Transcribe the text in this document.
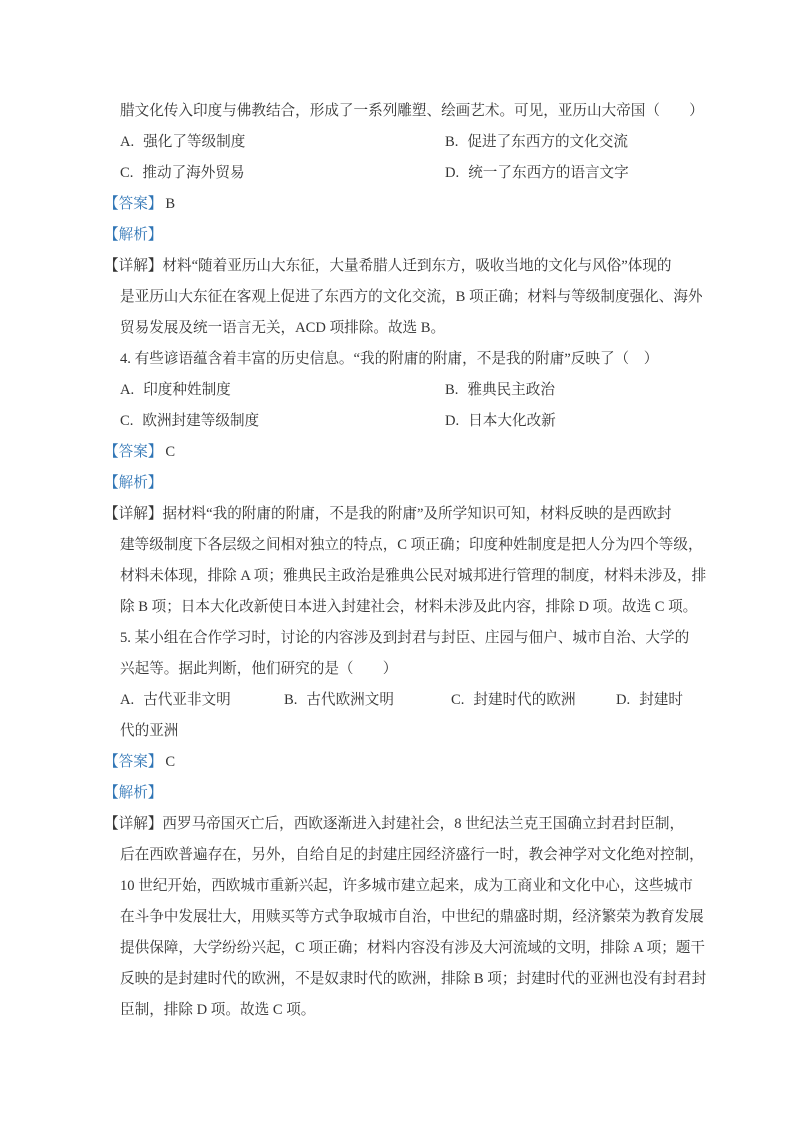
腊文化传入印度与佛教结合，形成了一系列雕塑、绘画艺术。可见，亚历山大帝国（　　）
A. 强化了等级制度	B. 促进了东西方的文化交流
C. 推动了海外贸易	D. 统一了东西方的语言文字
【答案】 B
【解析】
【详解】材料“随着亚历山大东征，大量希腊人迁到东方，吸收当地的文化与风俗”体现的
是亚历山大东征在客观上促进了东西方的文化交流，B 项正确；材料与等级制度强化、海外
贸易发展及统一语言无关，ACD 项排除。故选 B。
4. 有些谚语蕴含着丰富的历史信息。“我的附庸的附庸，不是我的附庸”反映了（　）
A. 印度种姓制度	B. 雅典民主政治
C. 欧洲封建等级制度	D. 日本大化改新
【答案】 C
【解析】
【详解】据材料“我的附庸的附庸，不是我的附庸”及所学知识可知，材料反映的是西欧封
建等级制度下各层级之间相对独立的特点，C 项正确；印度种姓制度是把人分为四个等级，
材料未体现，排除 A 项；雅典民主政治是雅典公民对城邦进行管理的制度，材料未涉及，排
除 B 项；日本大化改新使日本进入封建社会，材料未涉及此内容，排除 D 项。故选 C 项。
5. 某小组在合作学习时，讨论的内容涉及到封君与封臣、庄园与佃户、城市自治、大学的
兴起等。据此判断，他们研究的是（　　）
A. 古代亚非文明	B. 古代欧洲文明	C. 封建时代的欧洲	D. 封建时
代的亚洲
【答案】 C
【解析】
【详解】西罗马帝国灭亡后，西欧逐渐进入封建社会，8 世纪法兰克王国确立封君封臣制，
后在西欧普遍存在，另外，自给自足的封建庄园经济盛行一时，教会神学对文化绝对控制，
10 世纪开始，西欧城市重新兴起，许多城市建立起来，成为工商业和文化中心，这些城市
在斗争中发展壮大，用赎买等方式争取城市自治，中世纪的鼎盛时期，经济繁荣为教育发展
提供保障，大学纷纷兴起，C 项正确；材料内容没有涉及大河流域的文明，排除 A 项；题干
反映的是封建时代的欧洲，不是奴隶时代的欧洲，排除 B 项；封建时代的亚洲也没有封君封
臣制，排除 D 项。故选 C 项。
